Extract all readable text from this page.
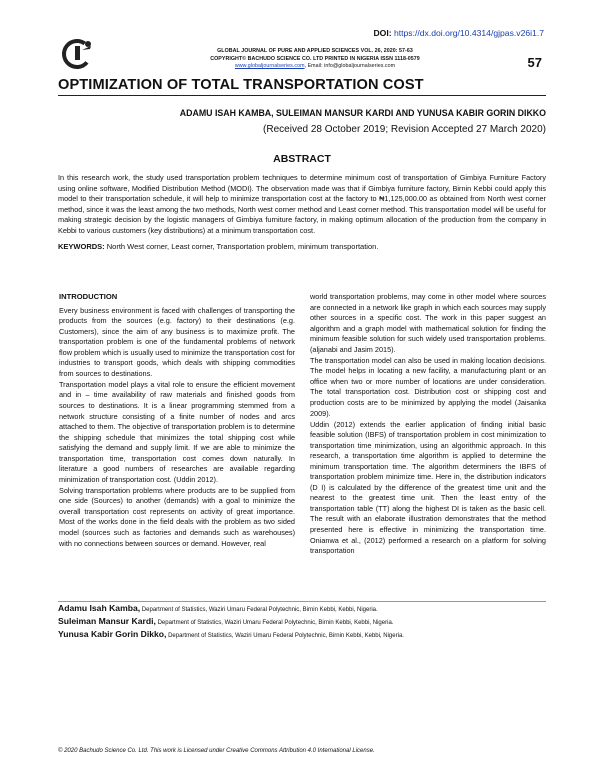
DOI: https://dx.doi.org/10.4314/gjpas.v26i1.7
GLOBAL JOURNAL OF PURE AND APPLIED SCIENCES VOL. 26, 2020: 57-63
COPYRIGHT© BACHUDO SCIENCE CO. LTD PRINTED IN NIGERIA ISSN 1118-0579
www.globaljournalseries.com, Email: info@globaljournalseries.com	57
OPTIMIZATION OF TOTAL TRANSPORTATION COST
ADAMU ISAH KAMBA, SULEIMAN MANSUR KARDI AND YUNUSA KABIR GORIN DIKKO
(Received 28 October 2019; Revision Accepted 27 March 2020)
ABSTRACT
In this research work, the study used transportation problem techniques to determine minimum cost of transportation of Gimbiya Furniture Factory using online software, Modified Distribution Method (MODI). The observation made was that if Gimbiya furniture factory, Birnin Kebbi could apply this model to their transportation schedule, it will help to minimize transportation cost at the factory to ₦1,125,000.00 as obtained from North west corner method, since it was the least among the two methods, North west corner method and Least corner method. This transportation model will be useful for making strategic decision by the logistic managers of Gimbiya furniture factory, in making optimum allocation of the production from the company in Kebbi to various customers (key distributions) at a minimum transportation cost.
KEYWORDS: North West corner, Least corner, Transportation problem, minimum transportation.
INTRODUCTION

Every business environment is faced with challenges of transporting the products from the sources (e.g. factory) to their destinations (e.g. Customers), since the aim of any business is to maximize profit. The transportation problem is one of the fundamental problems of network flow problem which is usually used to minimize the transportation cost for industries to transport goods, which deals with shipping commodities from sources to destinations.

Transportation model plays a vital role to ensure the efficient movement and in – time availability of raw materials and finished goods from sources to destinations. It is a linear programming stemmed from a network structure consisting of a finite number of nodes and arcs attached to them. The objective of transportation problem is to determine the shipping schedule that minimizes the total shipping cost while satisfying the demand and supply limit. If we are able to minimize the transportation time, transportation cost comes down naturally. In literature a good numbers of researches are available regarding minimization of transportation cost. (Uddin 2012).

Solving transportation problems where products are to be supplied from one side (Sources) to another (demands) with a goal to minimize the overall transportation cost represents on activity of great importance. Most of the works done in the field deals with the problem as two sided model (sources such as factories and demands such as warehouses) with no connections between sources or demand. However, real

world transportation problems, may come in other model where sources are connected in a network like graph in which each sources may supply other sources in a specific cost. The work in this paper suggest an algorithm and a graph model with mathematical solution for finding the minimum feasible solution for such widely used transportation problems. (aljanabi and Jasim 2015).

The transportation model can also be used in making location decisions. The model helps in locating a new facility, a manufacturing plant or an office when two or more number of locations are under consideration. The total transportation cost. Distribution cost or shipping cost and production costs are to be minimized by applying the model (Jaisanka 2009).

Uddin (2012) extends the earlier application of finding initial basic feasible solution (IBFS) of transportation problem in cost minimization to transportation time minimization, using an algorithmic approach. In this research, a transportation time algorithm is applied to determine the minimum transportation time. The algorithm determiners the IBFS of transportation problem minimize time. Here in, the distribution indicators (D I) is calculated by the difference of the greatest time unit and the nearest to the greatest time unit. Then the least entry of the transportation table (TT) along the highest DI is taken as the basic cell. The result with an elaborate illustration demonstrates that the method presented here is effective in minimizing the transportation time. Onianwa et al., (2012) performed a research on a platform for solving transportation

Adamu Isah Kamba, Department of Statistics, Waziri Umaru Federal Polytechnic, Birnin Kebbi, Kebbi, Nigeria.
Suleiman Mansur Kardi, Department of Statistics, Waziri Umaru Federal Polytechnic, Birnin Kebbi, Kebbi, Nigeria.
Yunusa Kabir Gorin Dikko, Department of Statistics, Waziri Umaru Federal Polytechnic, Birnin Kebbi, Kebbi, Nigeria.
© 2020 Bachudo Science Co. Ltd. This work is Licensed under Creative Commons Attribution 4.0 International License.
